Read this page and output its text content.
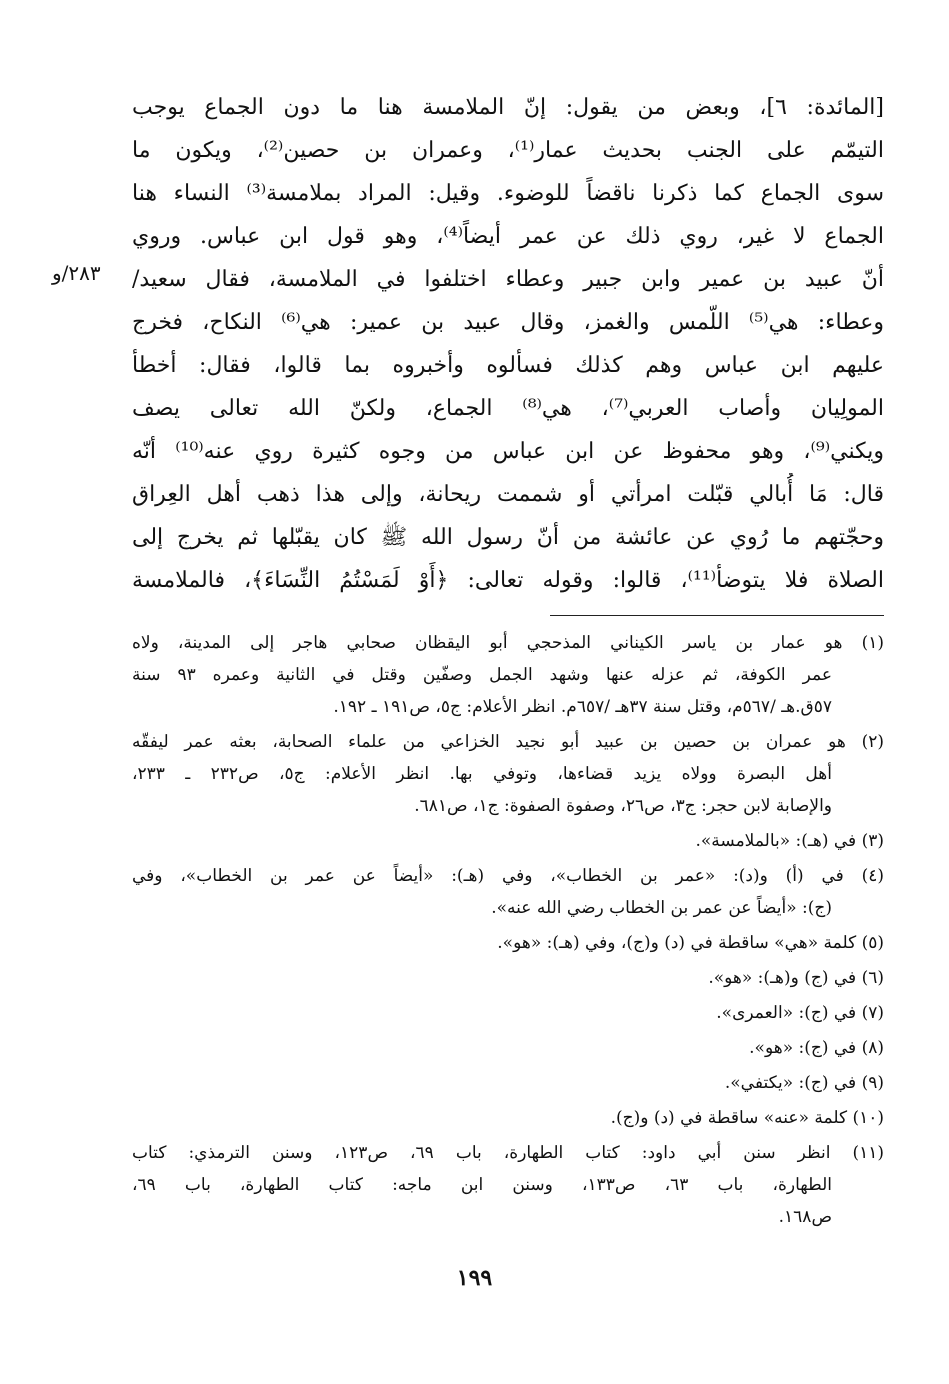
[المائدة: ٦]، وبعض من يقول: إنّ الملامسة هنا ما دون الجماع يوجب
التيمّم على الجنب بحديث عمار⁽¹⁾، وعمران بن حصين⁽²⁾، ويكون ما
سوى الجماع كما ذكرنا ناقضاً للوضوء. وقيل: المراد بملامسة⁽³⁾ النساء هنا
الجماع لا غير، روي ذلك عن عمر أيضاً⁽⁴⁾، وهو قول ابن عباس. وروي
أنّ عبيد بن عمير وابن جبير وعطاء اختلفوا في الملامسة، فقال سعيد/
وعطاء: هي⁽⁵⁾ اللّمس والغمز، وقال عبيد بن عمير: هي⁽⁶⁾ النكاح، فخرج
عليهم ابن عباس وهم كذلك فسألوه وأخبروه بما قالوا، فقال: أخطأ
المولِيان وأصاب العربي⁽⁷⁾، هي⁽⁸⁾ الجماع، ولكنّ الله تعالى يصف
ويكني⁽⁹⁾، وهو محفوظ عن ابن عباس من وجوه كثيرة روي عنه⁽¹⁰⁾ أنّه
قال: مَا أُبالي قبّلت امرأتي أو شممت ريحانة، وإلى هذا ذهب أهل العِراق
وحجّتهم ما رُوي عن عائشة من أنّ رسول الله ﷺ كان يقبّلها ثم يخرج إلى
الصلاة فلا يتوضأ⁽¹¹⁾، قالوا: وقوله تعالى: ﴿أَوْ لَمَسْتُمُ النِّسَاءَ﴾، فالملامسة
٢٨٣/و
(١) هو عمار بن ياسر الكيناني المذحجي أبو اليقظان صحابي هاجر إلى المدينة، ولاه
عمر الكوفة، ثم عزله عنها وشهد الجمل وصفّين وقتل في الثانية وعمره ٩٣ سنة
٥٧ق.هـ /٥٦٧م، وقتل سنة ٣٧هـ /٦٥٧م. انظر الأعلام: ج٥، ص١٩١ ـ ١٩٢.
(٢) هو عمران بن حصين بن عبيد أبو نجيد الخزاعي من علماء الصحابة، بعثه عمر ليفقّه
أهل البصرة وولاه يزيد قضاءها، وتوفي بها. انظر الأعلام: ج٥، ص٢٣٢ ـ ٢٣٣،
والإصابة لابن حجر: ج٣، ص٢٦، وصفوة الصفوة: ج١، ص٦٨١.
(٣) في (هـ): «بالملامسة».
(٤) في (أ) و(د): «عمر بن الخطاب»، وفي (هـ): «أيضاً عن عمر بن الخطاب»، وفي
(ج): «أيضاً عن عمر بن الخطاب رضي الله عنه».
(٥) كلمة «هي» ساقطة في (د) و(ج)، وفي (هـ): «هو».
(٦) في (ج) و(هـ): «هو».
(٧) في (ج): «العمرى».
(٨) في (ج): «هو».
(٩) في (ج): «يكتفي».
(١٠) كلمة «عنه» ساقطة في (د) و(ج).
(١١) انظر سنن أبي داود: كتاب الطهارة، باب ٦٩، ص١٢٣، وسنن الترمذي: كتاب
الطهارة، باب ٦٣، ص١٣٣، وسنن ابن ماجه: كتاب الطهارة، باب ٦٩،
ص١٦٨.
١٩٩
